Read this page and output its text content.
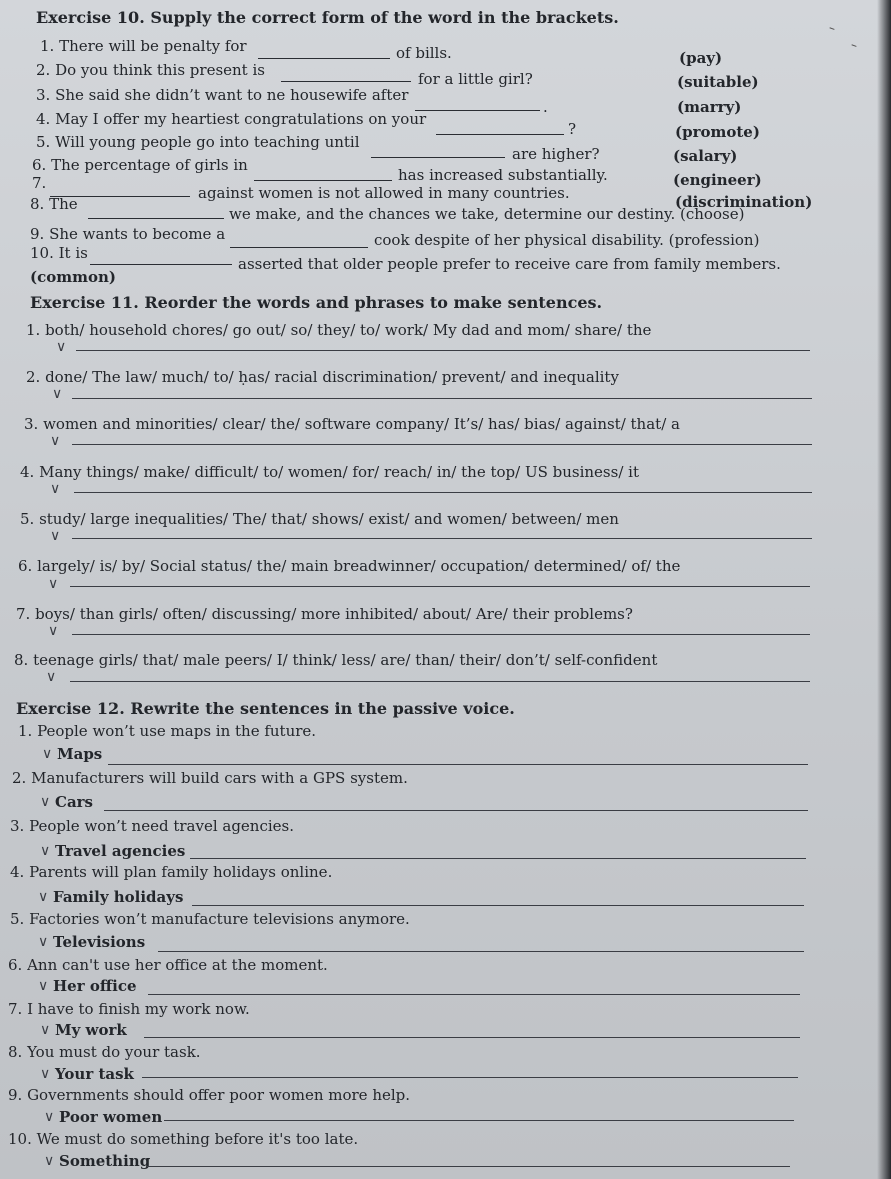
Exercise 10. Supply the correct form of the word in the brackets.
1. There will be penalty for	of bills.	(pay)
2. Do you think this present is	for a little girl?	(suitable)
3. She said she didn’t want to ne housewife after
.	(marry)
4. May I offer my heartiest congratulations on your
?	(promote)
5. Will young people go into teaching until
are higher?	(salary)
6. The percentage of girls in
has increased substantially.	(engineer)
7.
against women is not allowed in many countries.	(discrimination)
8. The
we make, and the chances we take, determine our destiny. (choose)
9. She wants to become a	cook despite of her physical disability. (profession)
10. It is
asserted that older people prefer to receive care from family members.
(common)
Exercise 11. Reorder the words and phrases to make sentences.
1. both/ household chores/ go out/ so/ they/ to/ work/ My dad and mom/ share/ the
∨
2. done/ The law/ much/ to/ ḥas/ racial discrimination/ prevent/ and inequality
∨
3. women and minorities/ clear/ the/ software company/ It’s/ has/ bias/ against/ that/ a
∨
4. Many things/ make/ difficult/ to/ women/ for/ reach/ in/ the top/ US business/ it
∨
5. study/ large inequalities/ The/ that/ shows/ exist/ and women/ between/ men
∨
6. largely/ is/ by/ Social status/ the/ main breadwinner/ occupation/ determined/ of/ the
∨
7. boys/ than girls/ often/ discussing/ more inhibited/ about/ Are/ their problems?
∨
8. teenage girls/ that/ male peers/ I/ think/ less/ are/ than/ their/ don’t/ self-confident
∨
Exercise 12. Rewrite the sentences in the passive voice.
1. People won’t use maps in the future.
∨ Maps
2. Manufacturers will build cars with a GPS system.
∨ Cars
3. People won’t need travel agencies.
∨ Travel agencies
4. Parents will plan family holidays online.
∨ Family holidays
5. Factories won’t manufacture televisions anymore.
∨ Televisions
6. Ann can't use her office at the moment.
∨ Her office
7. I have to finish my work now.
∨ My work
8. You must do your task.
∨ Your task
9. Governments should offer poor women more help.
∨ Poor women
10. We must do something before it's too late.
∨ Something
